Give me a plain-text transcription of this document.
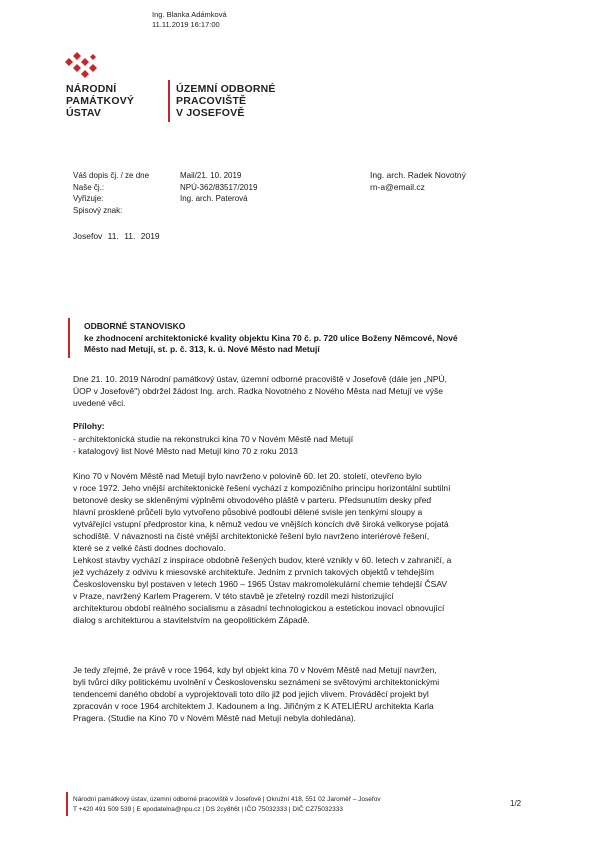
Ing. Blanka Adámková
11.11.2019 16:17:00
NÁRODNÍ
PAMÁTKOVÝ
ÚSTAV
ÚZEMNÍ ODBORNÉ
PRACOVIŠTĚ
V JOSEFOVĚ
Váš dopis čj. / ze dne
Naše čj.:
Vyřizuje:
Spisový znak:
Mail/21. 10. 2019
NPÚ-362/83517/2019
Ing. arch. Paterová
Ing. arch. Radek Novotný
rn-a@email.cz
Josefov 11. 11. 2019
ODBORNÉ STANOVISKO
ke zhodnocení architektonické kvality objektu Kina 70 č. p. 720 ulice Boženy Němcové, Nové
Město nad Metují, st. p. č. 313, k. ú. Nové Město nad Metují
Dne 21. 10. 2019 Národní památkový ústav, územní odborné pracoviště v Josefově (dále jen „NPÚ,
ÚOP v Josefově") obdržel žádost Ing. arch. Radka Novotného z Nového Města nad Metují ve výše
uvedené věci.
Přílohy:
- architektonická studie na rekonstrukci kina 70 v Novém Městě nad Metují
- katalogový list Nové Město nad Metují kino 70 z roku 2013
Kino 70 v Novém Městě nad Metují bylo navrženo v polovině 60. let 20. století, otevřeno bylo
v roce 1972. Jeho vnější architektonické řešení vychází z kompozičního principu horizontální subtilní
betonové desky se skleněnými výplněmi obvodového pláště v parteru. Předsunutím desky před
hlavní prosklené průčelí bylo vytvořeno působivé podloubí dělené svisle jen tenkými sloupy a
vytvářející vstupní předprostor kina, k němuž vedou ve vnějších koncích dvě široká velkoryse pojatá
schodiště. V návaznosti na čisté vnější architektonické řešení bylo navrženo interiérové řešení,
které se z velké části dodnes dochovalo.
Lehkost stavby vychází z inspirace obdobně řešených budov, které vznikly v 60. letech v zahraničí, a
jež vycházely z odvivu k miesovské architektuře. Jedním z prvních takových objektů v tehdejším
Československu byl postaven v letech 1960 – 1965 Ústav makromolekulární chemie tehdejší ČSAV
v Praze, navržený Karlem Pragerem. V této stavbě je zřetelný rozdíl mezi historizující
architekturou období reálného socialismu a zásadní technologickou a estetickou inovací obnovující
dialog s architekturou a stavitelstvím na geopolitickém Západě.
Je tedy zřejmé, že právě v roce 1964, kdy byl objekt kina 70 v Novém Městě nad Metují navržen,
byli tvůrci díky politickému uvolnění v Československu seznámeni se světovými architektonickými
tendencemi daného období a vyprojektovali toto dílo již pod jejich vlivem. Prováděcí projekt byl
zpracován v roce 1964 architektem J. Kadounem a Ing. Jiřičným z K ATELIÉRU architekta Karla
Pragera. (Studie na Kino 70 v Novém Městě nad Metují nebyla dohledána).
Národní památkový ústav, územní odborné pracoviště v Josefově | Okružní 418, 551 02 Jaroměř – Josefov
T +420 491 509 539 | E epodatelna@npu.cz | DS 2cy8h6t | IČO 75032333 | DIČ CZ75032333
1/2
